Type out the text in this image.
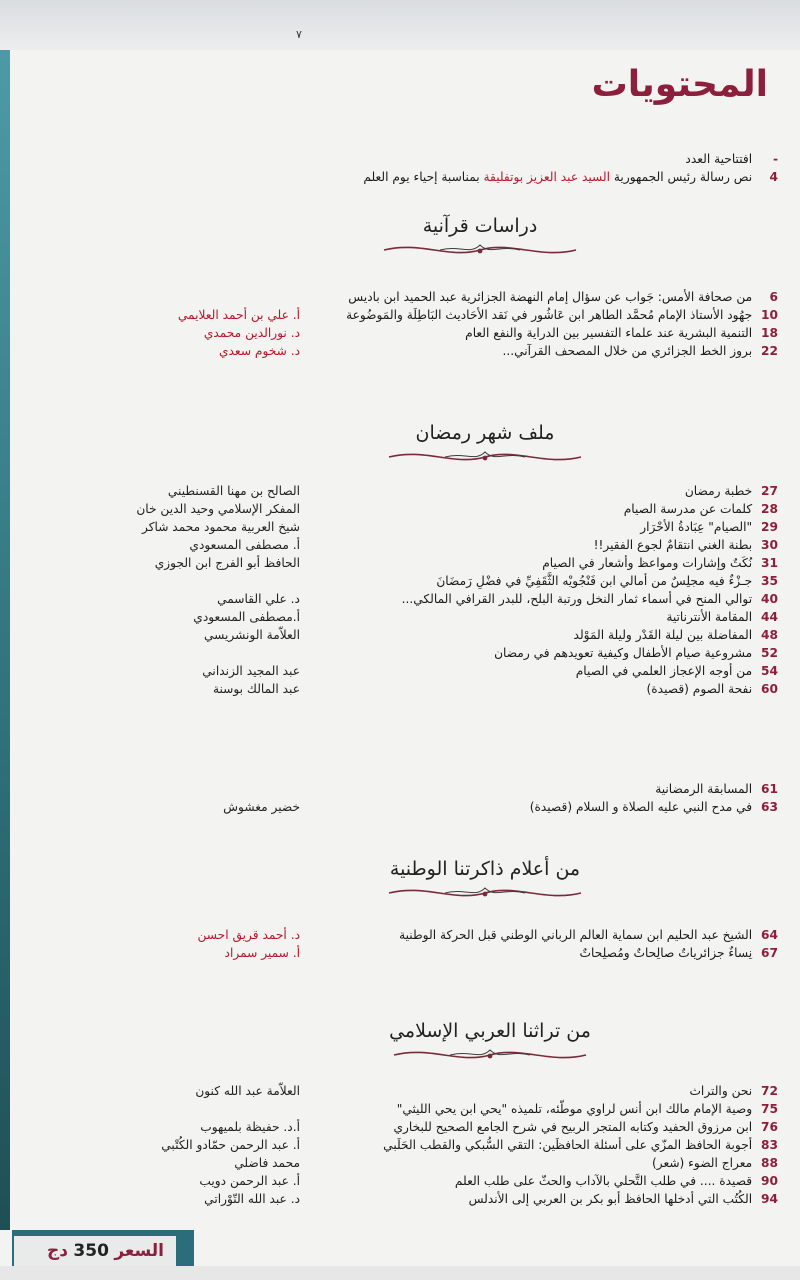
٧
المحتويات
- افتتاحية العدد
4 نص رسالة رئيس الجمهورية السيد عبد العزيز بوتفليقة بمناسبة إحياء يوم العلم
دراسات قرآنية
6 من صحافة الأمس: جَواب عن سؤال إمام النهضة الجزائرية عبد الحميد ابن باديس
10 جهُود الأستاذ الإمام مُحمَّد الطاهر ابن عَاشُور في نَقد الأحَاديث البَاطِلَة والمَوضُوعة
أ. علي بن أحمد العلايمي
18 التنمية البشرية عند علماء التفسير بين الدراية والنفع العام
د. نورالدين محمدي
22 بروز الخط الجزائري من خلال المصحف القرآني...
د. شخوم سعدي
ملف شهر رمضان
27 خطبة رمضان
الصالح بن مهنا القسنطيني
28 كلمات عن مدرسة الصيام
المفكر الإسلامي وحيد الدين خان
29 "الصيام" عِبَادةُ الأحْرَار
شيخ العربية محمود محمد شاكر
30 بطنة الغني انتقامٌ لجوع الفقير!!
أ. مصطفى المسعودي
31 نُكَتٌ وإشارات ومواعظ وأشعار في الصيام
الحافظ أبو الفرج ابن الجوزي
35 جـزْءٌ فيه مجلِسٌ من أمالي ابن فَنْجُويْه الثَّقَفِيِّ في فضْلِ رَمضَانَ
40 توالي المنح في أسماء ثمار النخل ورتبة البلح، للبدر القرافي المالكي...
د. علي القاسمي
44 المقامة الأنترناتية
أ.مصطفى المسعودي
48 المفاضلة بين ليلة القَدْر وليلة المَوْلد
العلاّمة الونشريسي
52 مشروعية صيام الأطفال وكيفية تعويدهم في رمضان
54 من أوجه الإعجاز العلمي في الصيام
عبد المجيد الزنداني
60 نفحة الصوم (قصيدة)
عبد المالك بوسنة
61 المسابقة الرمضانية
63 في مدح النبي عليه الصلاة و السلام (قصيدة)
خضير مغشوش
من أعلام ذاكرتنا الوطنية
64 الشيخ عبد الحليم ابن سماية العالم الرباني الوطني قبل الحركة الوطنية
د. أحمد قريق احسن
67 نِساءٌ جزائرياتٌ صالِحاتٌ ومُصلِحاتٌ
أ. سمير سمراد
من تراثنا العربي الإسلامي
72 نحن والتراث
العلاّمة عبد الله كنون
75 وصية الإمام مالك ابن أنس لراوي موطّئه، تلميذه "يحي ابن يحي الليثي"
76 ابن مرزوق الحفيد وكتابه المتجر الربيح في شرح الجامع الصحيح للبخاري
أ.د. حفيظة بلميهوب
83 أجوبة الحافظ المزّي على أسئلة الحافظَين: التقي السُّبكي والقطب الحَلَبي
أ. عبد الرحمن حمّادو الكُتْبي
88 معراج الضوء (شعر)
محمد فاضلي
90 قصيدة .... في طلب التَّحلي بالآداب والحثّ على طلب العلم
أ. عبد الرحمن دويب
94 الكُتُب التي أدخلها الحافظ أبو بكر بن العربي إلى الأندلس
د. عبد الله التّوْراتي
السعر 350 دج
